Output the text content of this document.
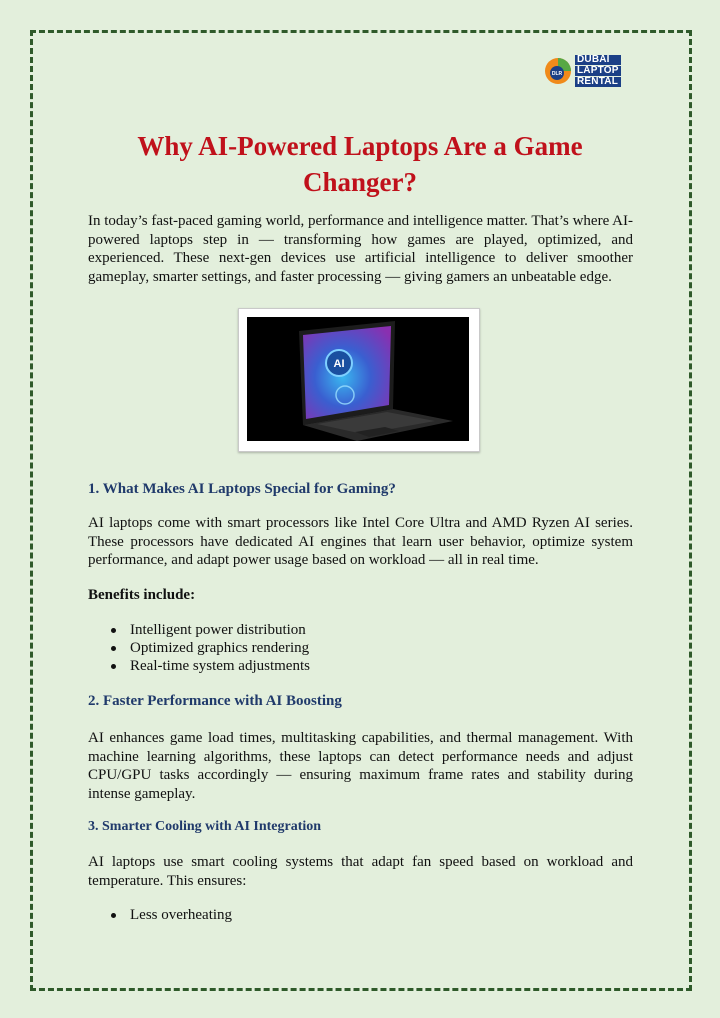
DLR
DUBAI
LAPTOP
RENTAL
Why AI-Powered Laptops Are a Game Changer?

In today’s fast-paced gaming world, performance and intelligence matter. That’s where AI-powered laptops step in — transforming how games are played, optimized, and experienced. These next-gen devices use artificial intelligence to deliver smoother gameplay, smarter settings, and faster processing — giving gamers an unbeatable edge.

AI
1. What Makes AI Laptops Special for Gaming?

AI laptops come with smart processors like Intel Core Ultra and AMD Ryzen AI series. These processors have dedicated AI engines that learn user behavior, optimize system performance, and adapt power usage based on workload — all in real time.

Benefits include:

Intelligent power distribution
Optimized graphics rendering
Real-time system adjustments
2. Faster Performance with AI Boosting

AI enhances game load times, multitasking capabilities, and thermal management. With machine learning algorithms, these laptops can detect performance needs and adjust CPU/GPU tasks accordingly — ensuring maximum frame rates and stability during intense gameplay.

3. Smarter Cooling with AI Integration

AI laptops use smart cooling systems that adapt fan speed based on workload and temperature. This ensures:

Less overheating
